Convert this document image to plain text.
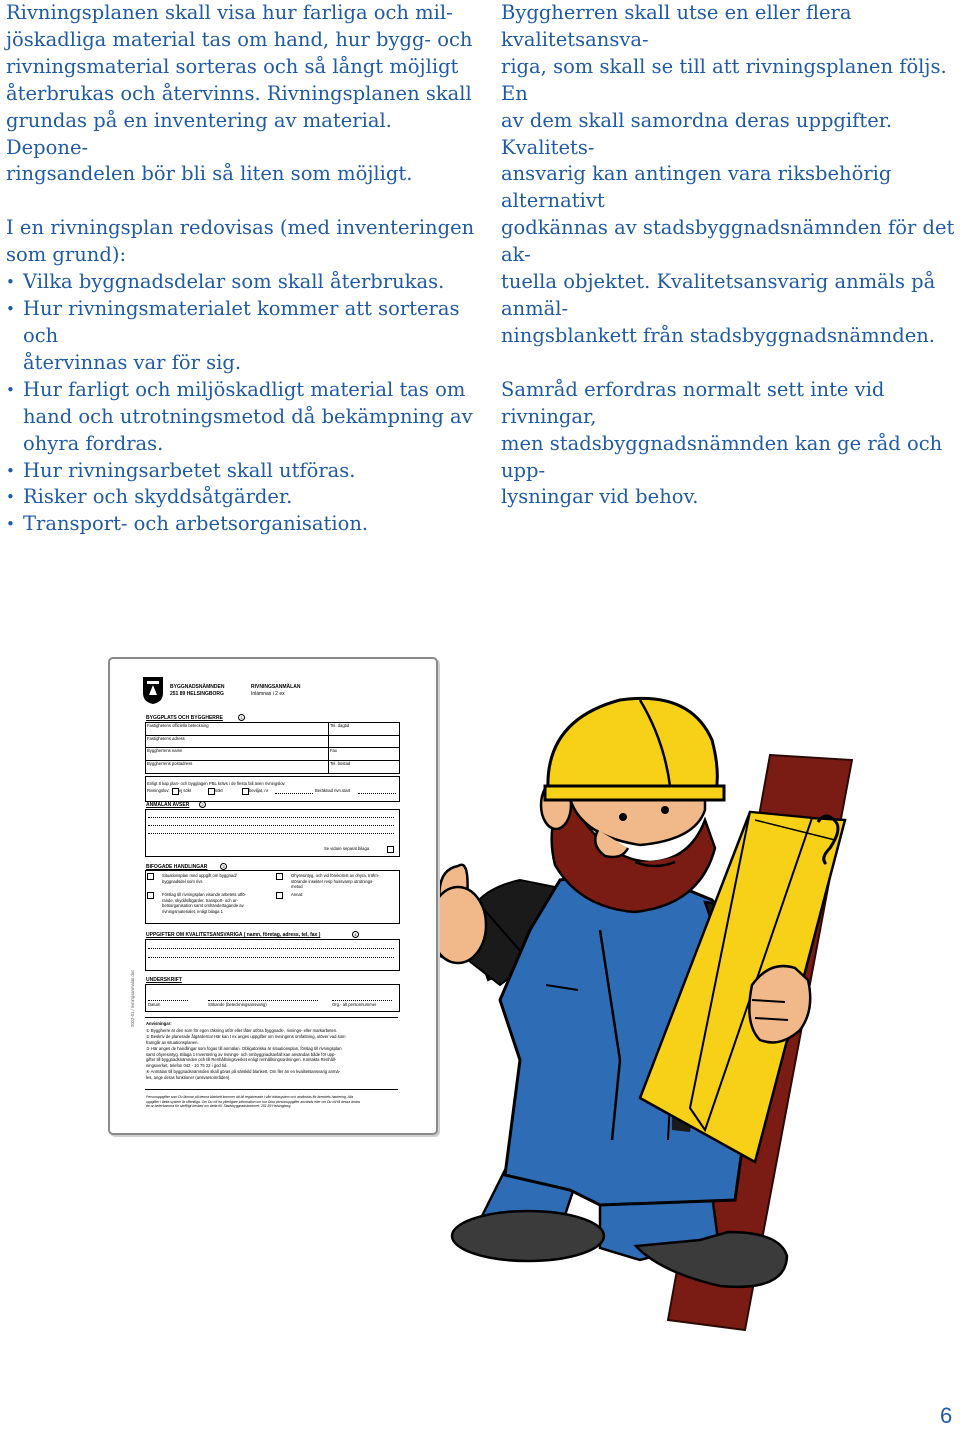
Rivningsplanen skall visa hur farliga och mil-
jöskadliga material tas om hand, hur bygg- och
rivningsmaterial sorteras och så långt möjligt
återbrukas och återvinns. Rivningsplanen skall
grundas på en inventering av material. Depone-
ringsandelen bör bli så liten som möjligt.

I en rivningsplan redovisas (med inventeringen
som grund):

• Vilka byggnadsdelar som skall återbrukas.
• Hur rivningsmaterialet kommer att sorteras och
återvinnas var för sig.
• Hur farligt och miljöskadligt material tas om
hand och utrotningsmetod då bekämpning av
ohyra fordras.
• Hur rivningsarbetet skall utföras.
• Risker och skyddsåtgärder.
• Transport- och arbetsorganisation.

Byggherren skall utse en eller flera kvalitetsansva-
riga, som skall se till att rivningsplanen följs. En
av dem skall samordna deras uppgifter. Kvalitets-
ansvarig kan antingen vara riksbehörig alternativt
godkännas av stadsbyggnadsnämnden för det ak-
tuella objektet. Kvalitetsansvarig anmäls på anmäl-
ningsblankett från stadsbyggnadsnämnden.

Samråd erfordras normalt sett inte vid rivningar,
men stadsbyggnadsnämnden kan ge råd och upp-
lysningar vid behov.

BYGGNADSNÄMNDEN
251 89 HELSINGBORG
RIVNINGSANMÄLAN
Inlämnas i 2 ex
BYGGPLATS OCH BYGGHERRE	1
Fastighetens officiella beteckning	Tel. dagtid
Fastighetens adress
Byggherrens namn	Fax
Byggherrens postadress	Tel. bostad
Enligt 8 kap plan- och bygglagen PBL krävs i de flesta fall även rivningslov.
Rivningslov: ej sökt	sökt	beviljat, nr	Beräknad rivn.start
ANMÄLAN AVSER	2
Se vidare separat bilaga
BIFOGADE HANDLINGAR	3
Situationsplan med uppgift om byggnad/
byggnadsdel som rivs
Förslag till rivningsplan visande arbetets utfö-
rande, skyddsåtgärder, transport- och ar-
betsorganisation samt omhändertagande av
rivningsmaterialet, enligt bilaga 1
Ohyresintyg, och vid förekomst av ohyra, träfrn-
störande insekter resp hussvamp utrotnings-
metod
Annat:
UPPGIFTER OM KVALITETSANSVARIGA ( namn, företag, adress, tel, fax )	4
UNDERSKRIFT
Datum	Sökande (beteckningsansvarig)	Org.- alt personnummer
2002-01 / rivningsanmalan.doc	Anvisningar:
① Byggherre är den som för egen räkning utför eller låter utföra byggnads-, rivnings- eller markarbeten.
② Beskriv de planerade åtgärderna! Här kan t ex anges uppgifter om rivningens omfattning, utöver vad som
framgår av situationsplanen.
③ Här anges de handlingar som fogas till anmälan. Obligatoriska är situationsplan, förslag till rivningsplan
samt ohyresintyg. Bilaga 1 Inventering av rivnings- och ombyggnadsavfall kan användas både för upp-
gifter till byggnadsnämnden och till Renhållningsverket enligt renhållningsordningen. Kontakta Renhåll-
ningsverket, telefon 042 - 10 75 22 i god tid.
④ Anmälan till byggnadsnämnden skall göras på särskild blankett. Om fler än en kvalitetsansvarig anmä-
les, ange deras funktioner (ansvarsområden).
Personuppgifter som Du lämnar på denna blankett kommer att bli registrerade i vårt datasystem och användas för ärendets hantering. Alla
uppgifter i detta system är offentliga. Om Du vill ha ytterligare information om hur Dina personuppgifter används eller om Du vill få dessa ändra
de ar beteckamma för skriftligt besked om detta till: Stadsbyggnadskontoret, 251 89 Helsingborg.
6
